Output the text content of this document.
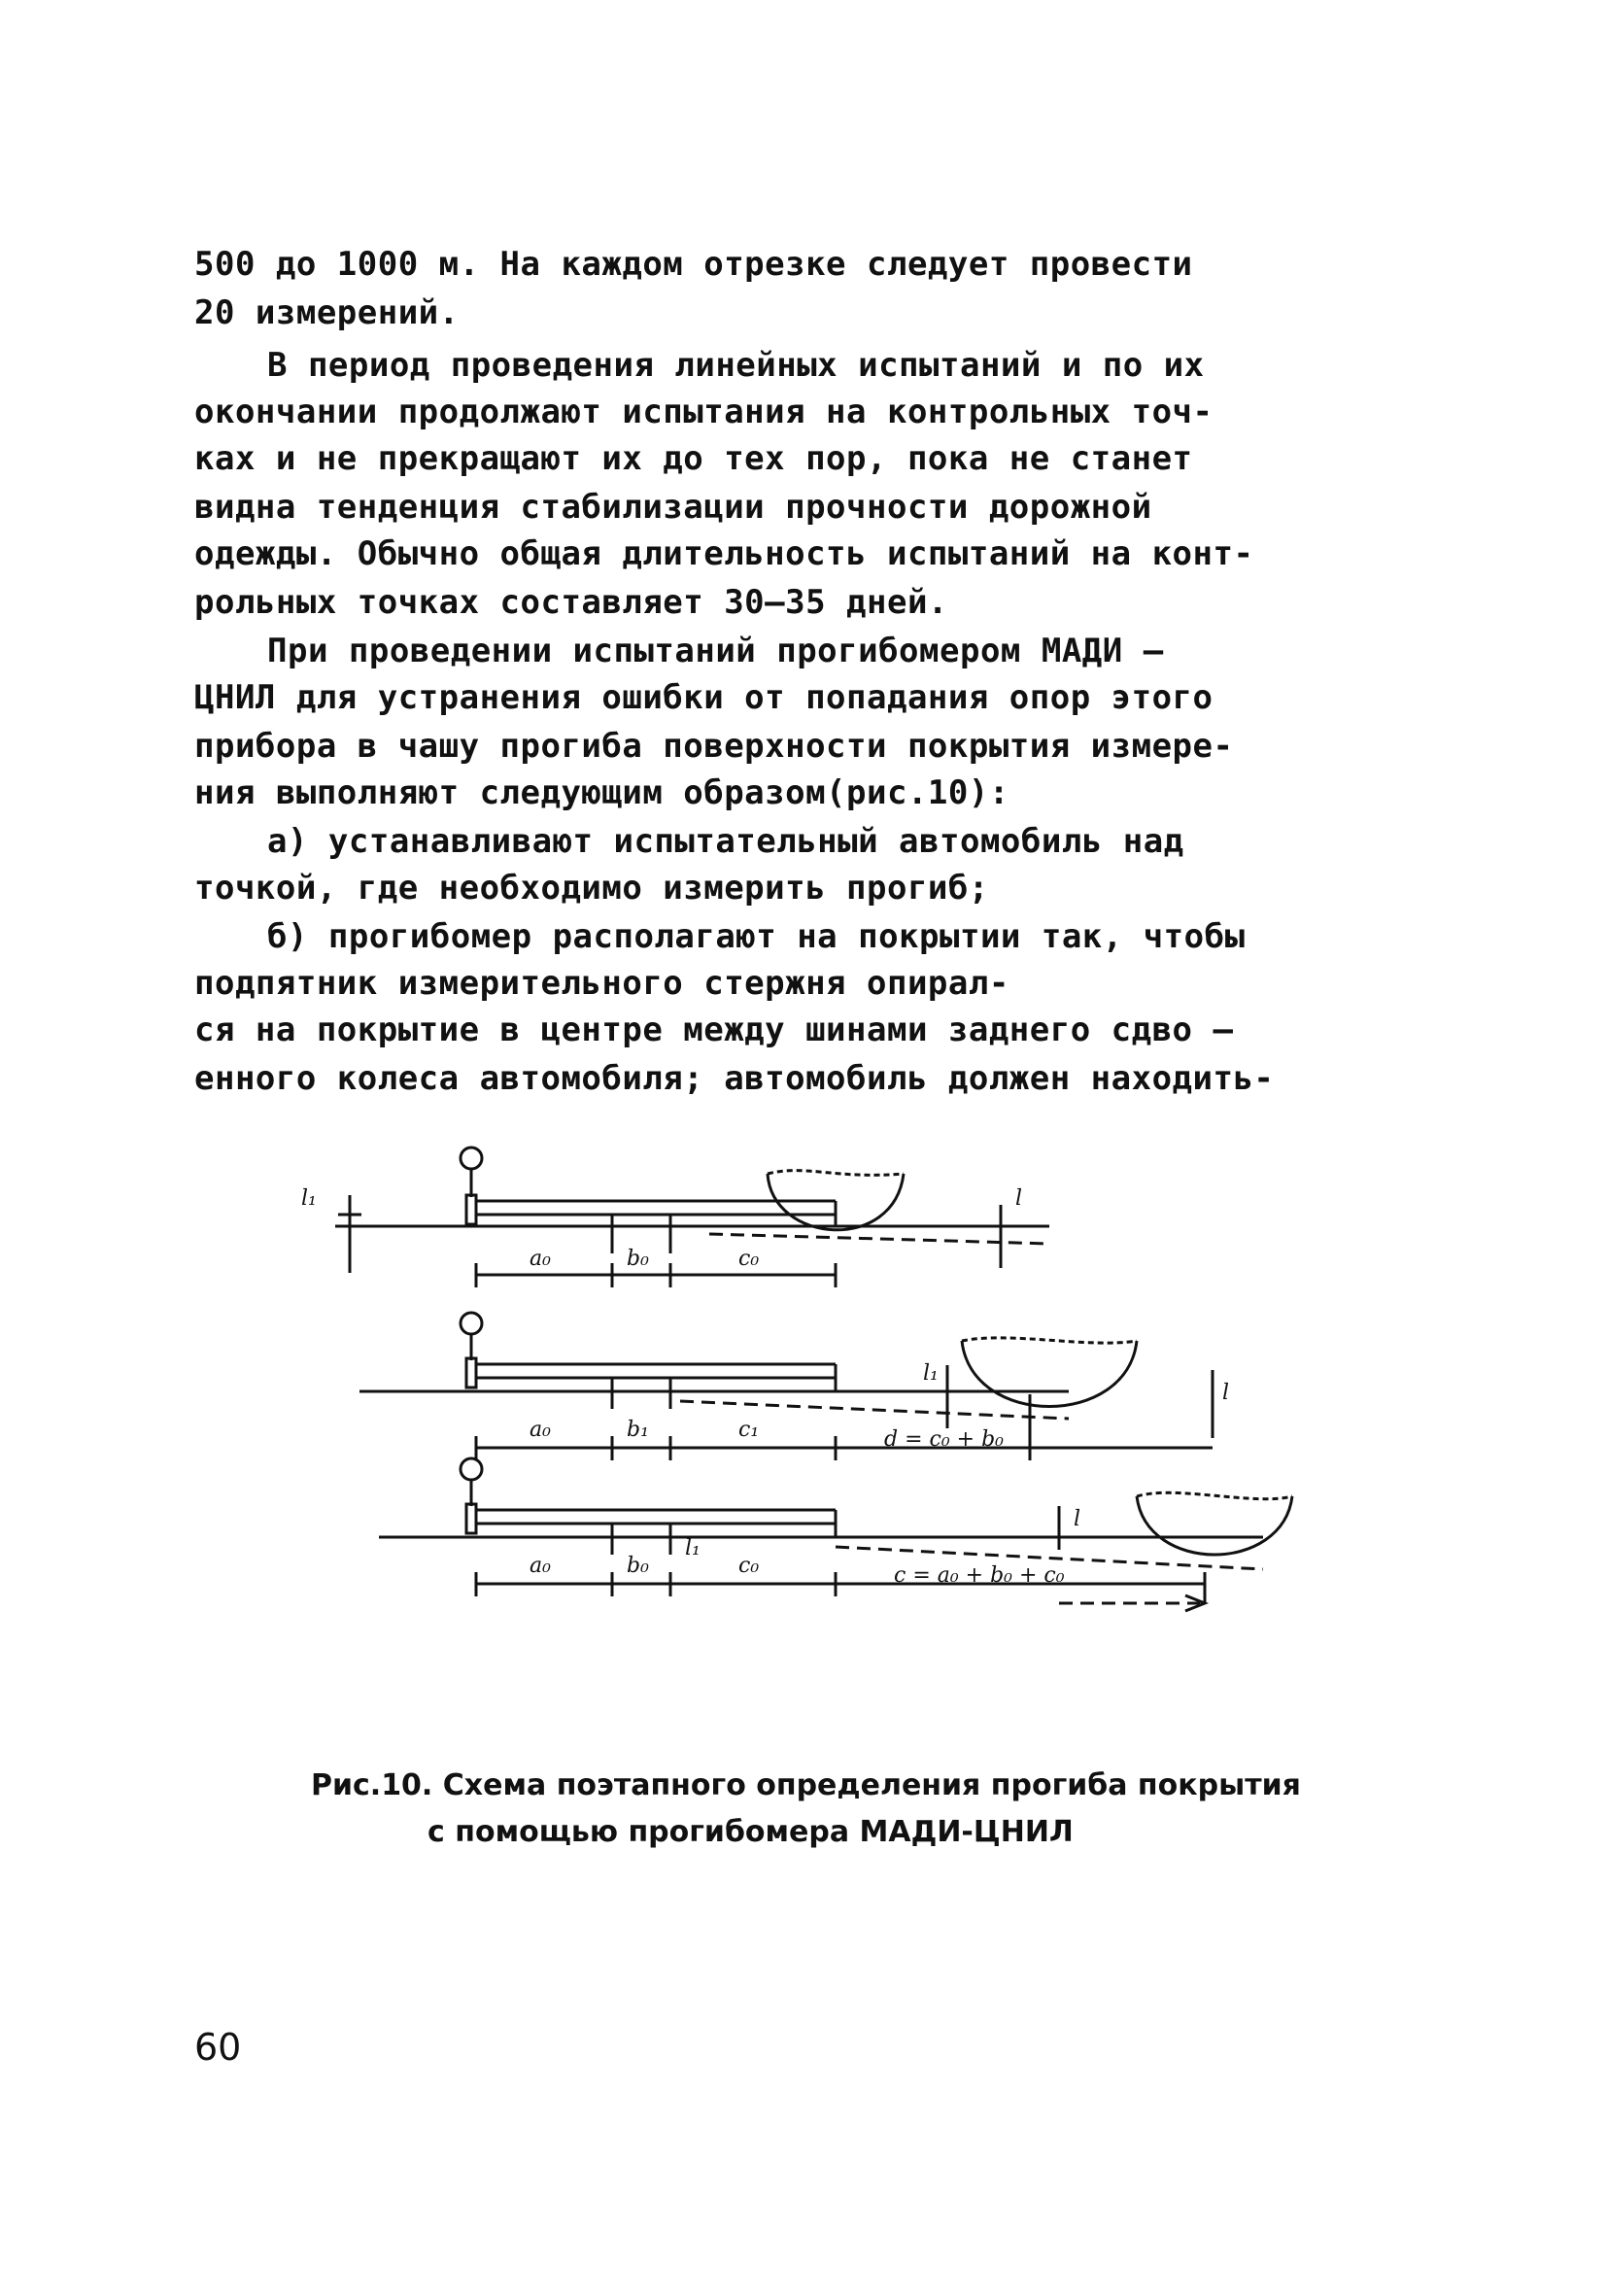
500 до 1000 м. На каждом отрезке следует провести
20 измерений.
В период проведения линейных испытаний и по их
окончании продолжают испытания на контрольных точ-
ках и не прекращают их до тех пор, пока не станет
видна тенденция стабилизации прочности дорожной
одежды. Обычно общая длительность испытаний на конт-
рольных точках составляет 30–35 дней.
При проведении испытаний прогибомером МАДИ –
ЦНИЛ для устранения ошибки от попадания опор этого
прибора в чашу прогиба поверхности покрытия измере-
ния выполняют следующим образом(рис.10):
а) устанавливают испытательный автомобиль над
точкой, где необходимо измерить прогиб;
б) прогибомер располагают на покрытии так, чтобы
подпятник измерительного стержня опирал-
ся на покрытие в центре между шинами заднего сдво –
енного колеса автомобиля; автомобиль должен находить-
l₁	l
a₀	b₀	c₀
l₁
l
a₀	b₁	c₁	d = c₀ + b₀
l
a₀	b₀
l₁
c₀	c = a₀ + b₀ + c₀
Рис.10. Схема поэтапного определения прогиба покрытия
с помощью прогибомера МАДИ-ЦНИЛ
60
